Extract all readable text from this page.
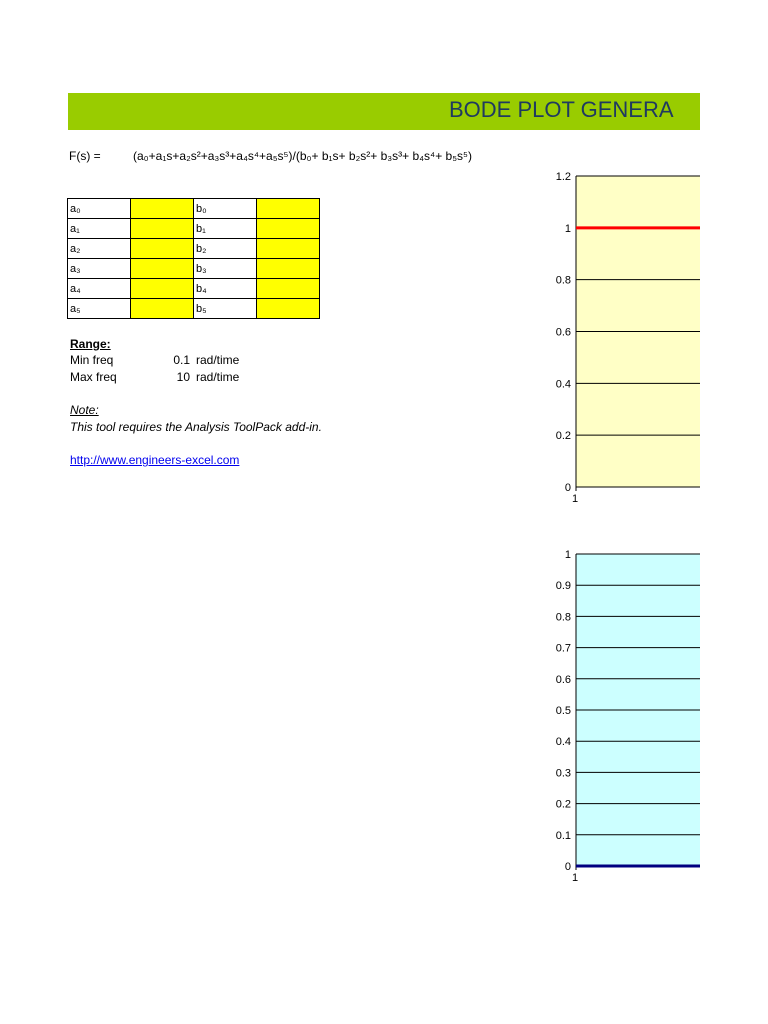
BODE PLOT GENERA
F(s) =	(a₀+a₁s+a₂s²+a₃s³+a₄s⁴+a₅s⁵)/(b₀+ b₁s+ b₂s²+ b₃s³+ b₄s⁴+ b₅s⁵)
a₀		b₀	
a₁		b₁	
a₂		b₂	
a₃		b₃	
a₄		b₄	
a₅		b₅	
Range:
Min freq	0.1 rad/time
Max freq	10 rad/time
Note:
This tool requires the Analysis ToolPack add-in.
http://www.engineers-excel.com
0
0.2
0.4
0.6
0.8
1
1.2
1
0
0.1
0.2
0.3
0.4
0.5
0.6
0.7
0.8
0.9
1
1
